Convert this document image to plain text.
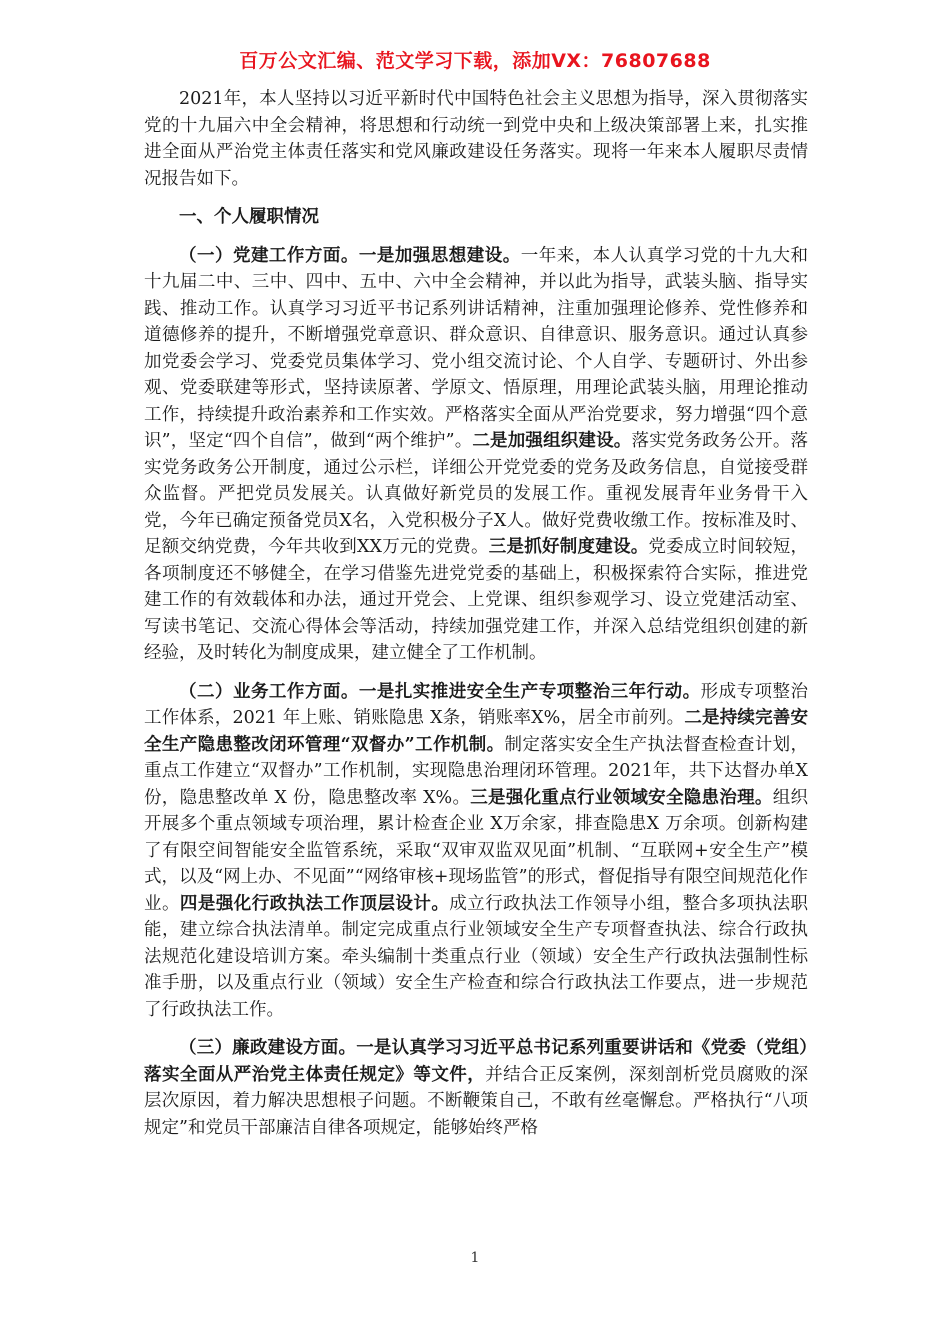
百万公文汇编、范文学习下载，添加VX：76807688

2021年，本人坚持以习近平新时代中国特色社会主义思想为指导，深入贯彻落实党的十九届六中全会精神，将思想和行动统一到党中央和上级决策部署上来，扎实推进全面从严治党主体责任落实和党风廉政建设任务落实。现将一年来本人履职尽责情况报告如下。

一、个人履职情况

（一）党建工作方面。一是加强思想建设。一年来，本人认真学习党的十九大和十九届二中、三中、四中、五中、六中全会精神，并以此为指导，武装头脑、指导实践、推动工作。认真学习习近平书记系列讲话精神，注重加强理论修养、党性修养和道德修养的提升，不断增强党章意识、群众意识、自律意识、服务意识。通过认真参加党委会学习、党委党员集体学习、党小组交流讨论、个人自学、专题研讨、外出参观、党委联建等形式，坚持读原著、学原文、悟原理，用理论武装头脑，用理论推动工作，持续提升政治素养和工作实效。严格落实全面从严治党要求，努力增强“四个意识”，坚定“四个自信”，做到“两个维护”。二是加强组织建设。落实党务政务公开。落实党务政务公开制度，通过公示栏，详细公开党党委的党务及政务信息，自觉接受群众监督。严把党员发展关。认真做好新党员的发展工作。重视发展青年业务骨干入党，今年已确定预备党员X名，入党积极分子X人。做好党费收缴工作。按标准及时、足额交纳党费，今年共收到XX万元的党费。三是抓好制度建设。党委成立时间较短，各项制度还不够健全，在学习借鉴先进党党委的基础上，积极探索符合实际，推进党建工作的有效载体和办法，通过开党会、上党课、组织参观学习、设立党建活动室、写读书笔记、交流心得体会等活动，持续加强党建工作，并深入总结党组织创建的新经验，及时转化为制度成果，建立健全了工作机制。

（二）业务工作方面。一是扎实推进安全生产专项整治三年行动。形成专项整治工作体系，2021 年上账、销账隐患 X条，销账率X%，居全市前列。二是持续完善安全生产隐患整改闭环管理“双督办”工作机制。制定落实安全生产执法督查检查计划，重点工作建立“双督办”工作机制，实现隐患治理闭环管理。2021年，共下达督办单X 份，隐患整改单 X 份，隐患整改率 X%。三是强化重点行业领域安全隐患治理。组织开展多个重点领域专项治理，累计检查企业 X万余家，排查隐患X 万余项。创新构建了有限空间智能安全监管系统，采取“双审双监双见面”机制、“互联网+安全生产”模式，以及“网上办、不见面”“网络审核+现场监管”的形式，督促指导有限空间规范化作业。四是强化行政执法工作顶层设计。成立行政执法工作领导小组，整合多项执法职能，建立综合执法清单。制定完成重点行业领域安全生产专项督查执法、综合行政执法规范化建设培训方案。牵头编制十类重点行业（领域）安全生产行政执法强制性标准手册，以及重点行业（领域）安全生产检查和综合行政执法工作要点，进一步规范了行政执法工作。

（三）廉政建设方面。一是认真学习习近平总书记系列重要讲话和《党委（党组）落实全面从严治党主体责任规定》等文件，并结合正反案例，深刻剖析党员腐败的深层次原因，着力解决思想根子问题。不断鞭策自己，不敢有丝毫懈怠。严格执行“八项规定”和党员干部廉洁自律各项规定，能够始终严格

1
